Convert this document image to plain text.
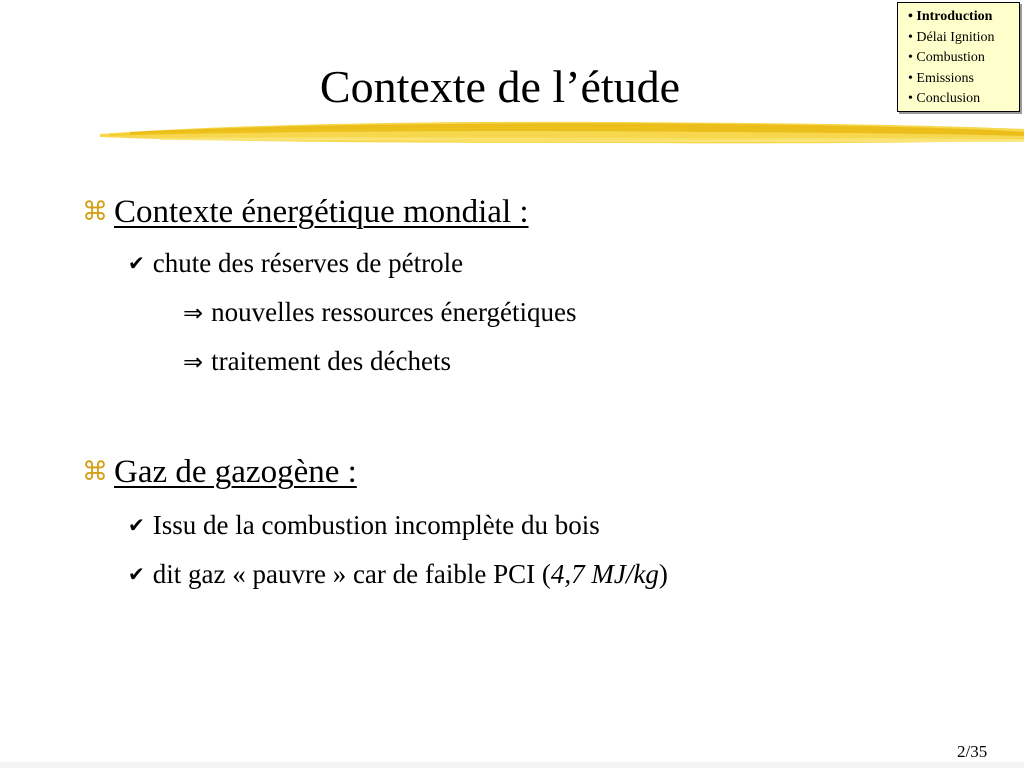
• Introduction
• Délai Ignition
• Combustion
• Emissions
• Conclusion
Contexte de l’étude
⌘ Contexte énergétique mondial :
✔ chute des réserves de pétrole
⇒ nouvelles ressources énergétiques
⇒ traitement des déchets
⌘ Gaz de gazogène :
✔ Issu de la combustion incomplète du bois
✔ dit gaz « pauvre » car de faible PCI (4,7 MJ/kg)
2/35
